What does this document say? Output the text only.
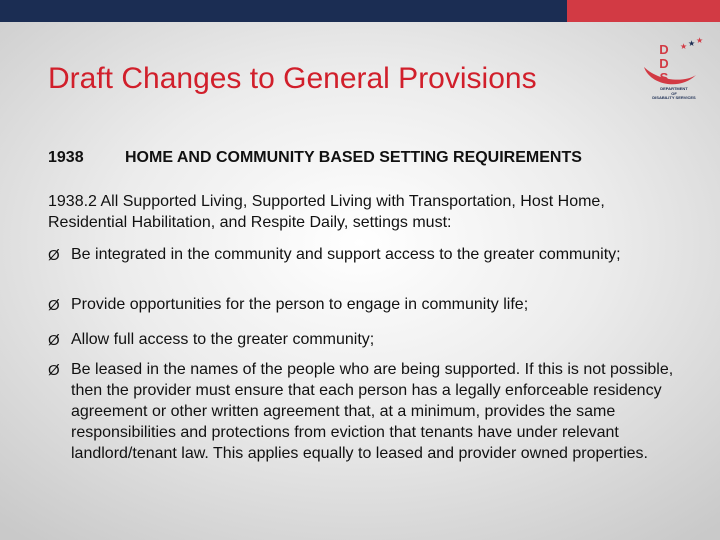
Draft Changes to General Provisions
★ ★ ★
D
D
S
DEPARTMENT
OF
DISABILITY SERVICES
1938	HOME AND COMMUNITY BASED SETTING REQUIREMENTS

1938.2 All Supported Living, Supported Living with Transportation, Host Home, Residential Habilitation, and Respite Daily, settings must:

Ø Be integrated in the community and support access to the greater community;
Ø Provide opportunities for the person to engage in community life;
Ø Allow full access to the greater community;
Ø Be leased in the names of the people who are being supported. If this is not possible, then the provider must ensure that each person has a legally enforceable residency agreement or other written agreement that, at a minimum, provides the same responsibilities and protections from eviction that tenants have under relevant landlord/tenant law. This applies equally to leased and provider owned properties.
